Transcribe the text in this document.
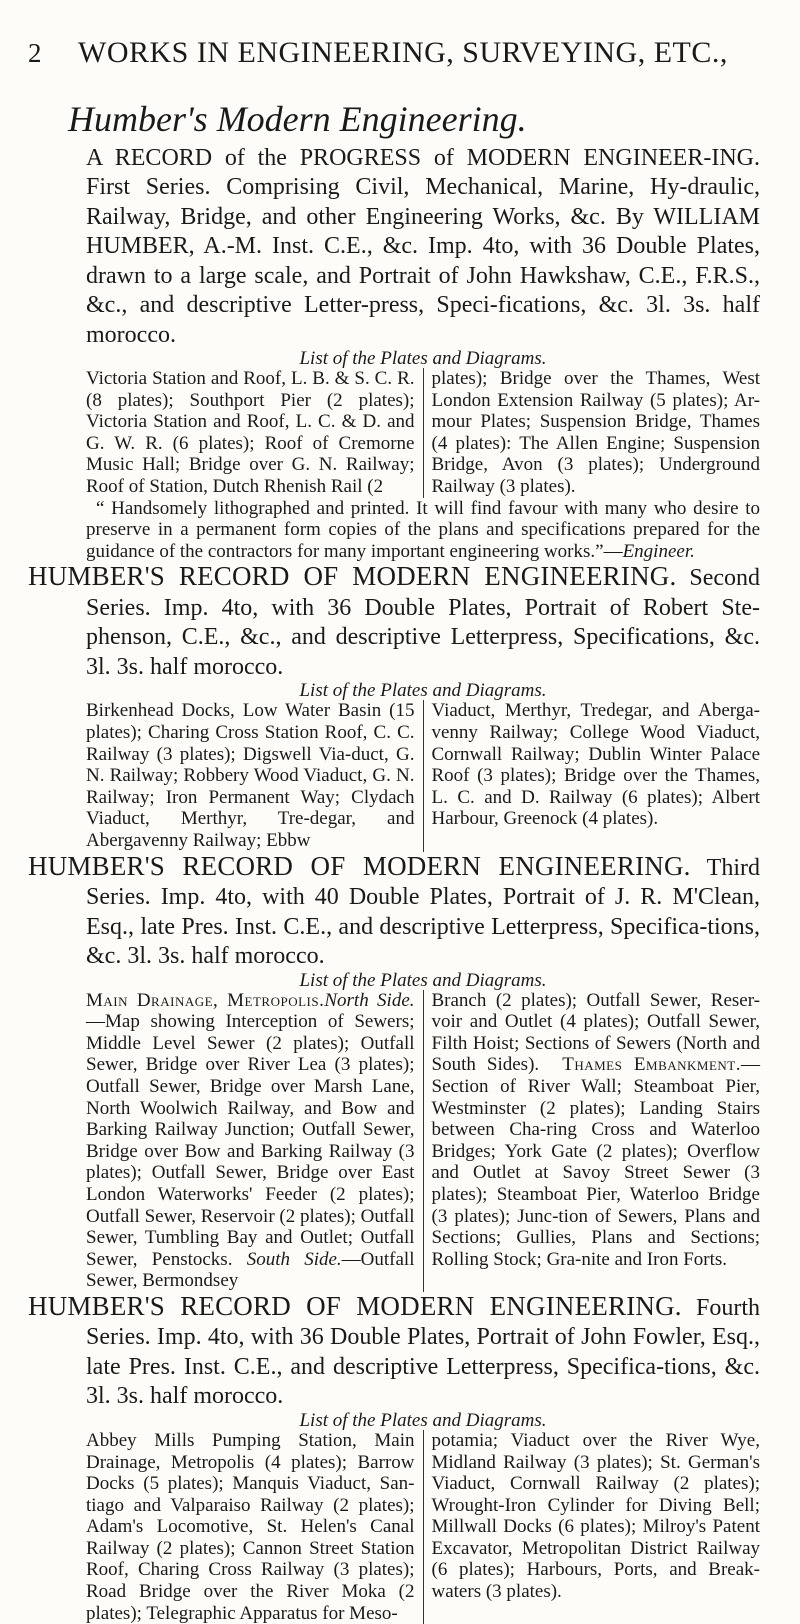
2	WORKS IN ENGINEERING, SURVEYING, ETC.,
Humber's Modern Engineering.
A RECORD of the PROGRESS of MODERN ENGINEER-ING. First Series. Comprising Civil, Mechanical, Marine, Hy-draulic, Railway, Bridge, and other Engineering Works, &c. By WILLIAM HUMBER, A.-M. Inst. C.E., &c. Imp. 4to, with 36 Double Plates, drawn to a large scale, and Portrait of John Hawkshaw, C.E., F.R.S., &c., and descriptive Letter-press, Speci-fications, &c. 3l. 3s. half morocco.
List of the Plates and Diagrams.
Victoria Station and Roof, L. B. & S. C. R. (8 plates); Southport Pier (2 plates); Victoria Station and Roof, L. C. & D. and G. W. R. (6 plates); Roof of Cremorne Music Hall; Bridge over G. N. Railway; Roof of Station, Dutch Rhenish Rail (2
plates); Bridge over the Thames, West London Extension Railway (5 plates); Ar-mour Plates; Suspension Bridge, Thames (4 plates): The Allen Engine; Suspension Bridge, Avon (3 plates); Underground Railway (3 plates).
“ Handsomely lithographed and printed. It will find favour with many who desire to preserve in a permanent form copies of the plans and specifications prepared for the guidance of the contractors for many important engineering works.”—Engineer.
HUMBER'S RECORD OF MODERN ENGINEERING. Second Series. Imp. 4to, with 36 Double Plates, Portrait of Robert Ste-phenson, C.E., &c., and descriptive Letterpress, Specifications, &c. 3l. 3s. half morocco.
List of the Plates and Diagrams.
Birkenhead Docks, Low Water Basin (15 plates); Charing Cross Station Roof, C. C. Railway (3 plates); Digswell Via-duct, G. N. Railway; Robbery Wood Viaduct, G. N. Railway; Iron Permanent Way; Clydach Viaduct, Merthyr, Tre-degar, and Abergavenny Railway; Ebbw
Viaduct, Merthyr, Tredegar, and Aberga-venny Railway; College Wood Viaduct, Cornwall Railway; Dublin Winter Palace Roof (3 plates); Bridge over the Thames, L. C. and D. Railway (6 plates); Albert Harbour, Greenock (4 plates).
HUMBER'S RECORD OF MODERN ENGINEERING. Third Series. Imp. 4to, with 40 Double Plates, Portrait of J. R. M'Clean, Esq., late Pres. Inst. C.E., and descriptive Letterpress, Specifica-tions, &c. 3l. 3s. half morocco.
List of the Plates and Diagrams.
Main Drainage, Metropolis.North Side.—Map showing Interception of Sewers; Middle Level Sewer (2 plates); Outfall Sewer, Bridge over River Lea (3 plates); Outfall Sewer, Bridge over Marsh Lane, North Woolwich Railway, and Bow and Barking Railway Junction; Outfall Sewer, Bridge over Bow and Barking Railway (3 plates); Outfall Sewer, Bridge over East London Waterworks' Feeder (2 plates); Outfall Sewer, Reservoir (2 plates); Outfall Sewer, Tumbling Bay and Outlet; Outfall Sewer, Penstocks. South Side.—Outfall Sewer, Bermondsey
Branch (2 plates); Outfall Sewer, Reser-voir and Outlet (4 plates); Outfall Sewer, Filth Hoist; Sections of Sewers (North and South Sides). Thames Embankment.—Section of River Wall; Steamboat Pier, Westminster (2 plates); Landing Stairs between Cha-ring Cross and Waterloo Bridges; York Gate (2 plates); Overflow and Outlet at Savoy Street Sewer (3 plates); Steamboat Pier, Waterloo Bridge (3 plates); Junc-tion of Sewers, Plans and Sections; Gullies, Plans and Sections; Rolling Stock; Gra-nite and Iron Forts.
HUMBER'S RECORD OF MODERN ENGINEERING. Fourth Series. Imp. 4to, with 36 Double Plates, Portrait of John Fowler, Esq., late Pres. Inst. C.E., and descriptive Letterpress, Specifica-tions, &c. 3l. 3s. half morocco.
List of the Plates and Diagrams.
Abbey Mills Pumping Station, Main Drainage, Metropolis (4 plates); Barrow Docks (5 plates); Manquis Viaduct, San-tiago and Valparaiso Railway (2 plates); Adam's Locomotive, St. Helen's Canal Railway (2 plates); Cannon Street Station Roof, Charing Cross Railway (3 plates); Road Bridge over the River Moka (2 plates); Telegraphic Apparatus for Meso-
potamia; Viaduct over the River Wye, Midland Railway (3 plates); St. German's Viaduct, Cornwall Railway (2 plates); Wrought-Iron Cylinder for Diving Bell; Millwall Docks (6 plates); Milroy's Patent Excavator, Metropolitan District Railway (6 plates); Harbours, Ports, and Break-waters (3 plates).
